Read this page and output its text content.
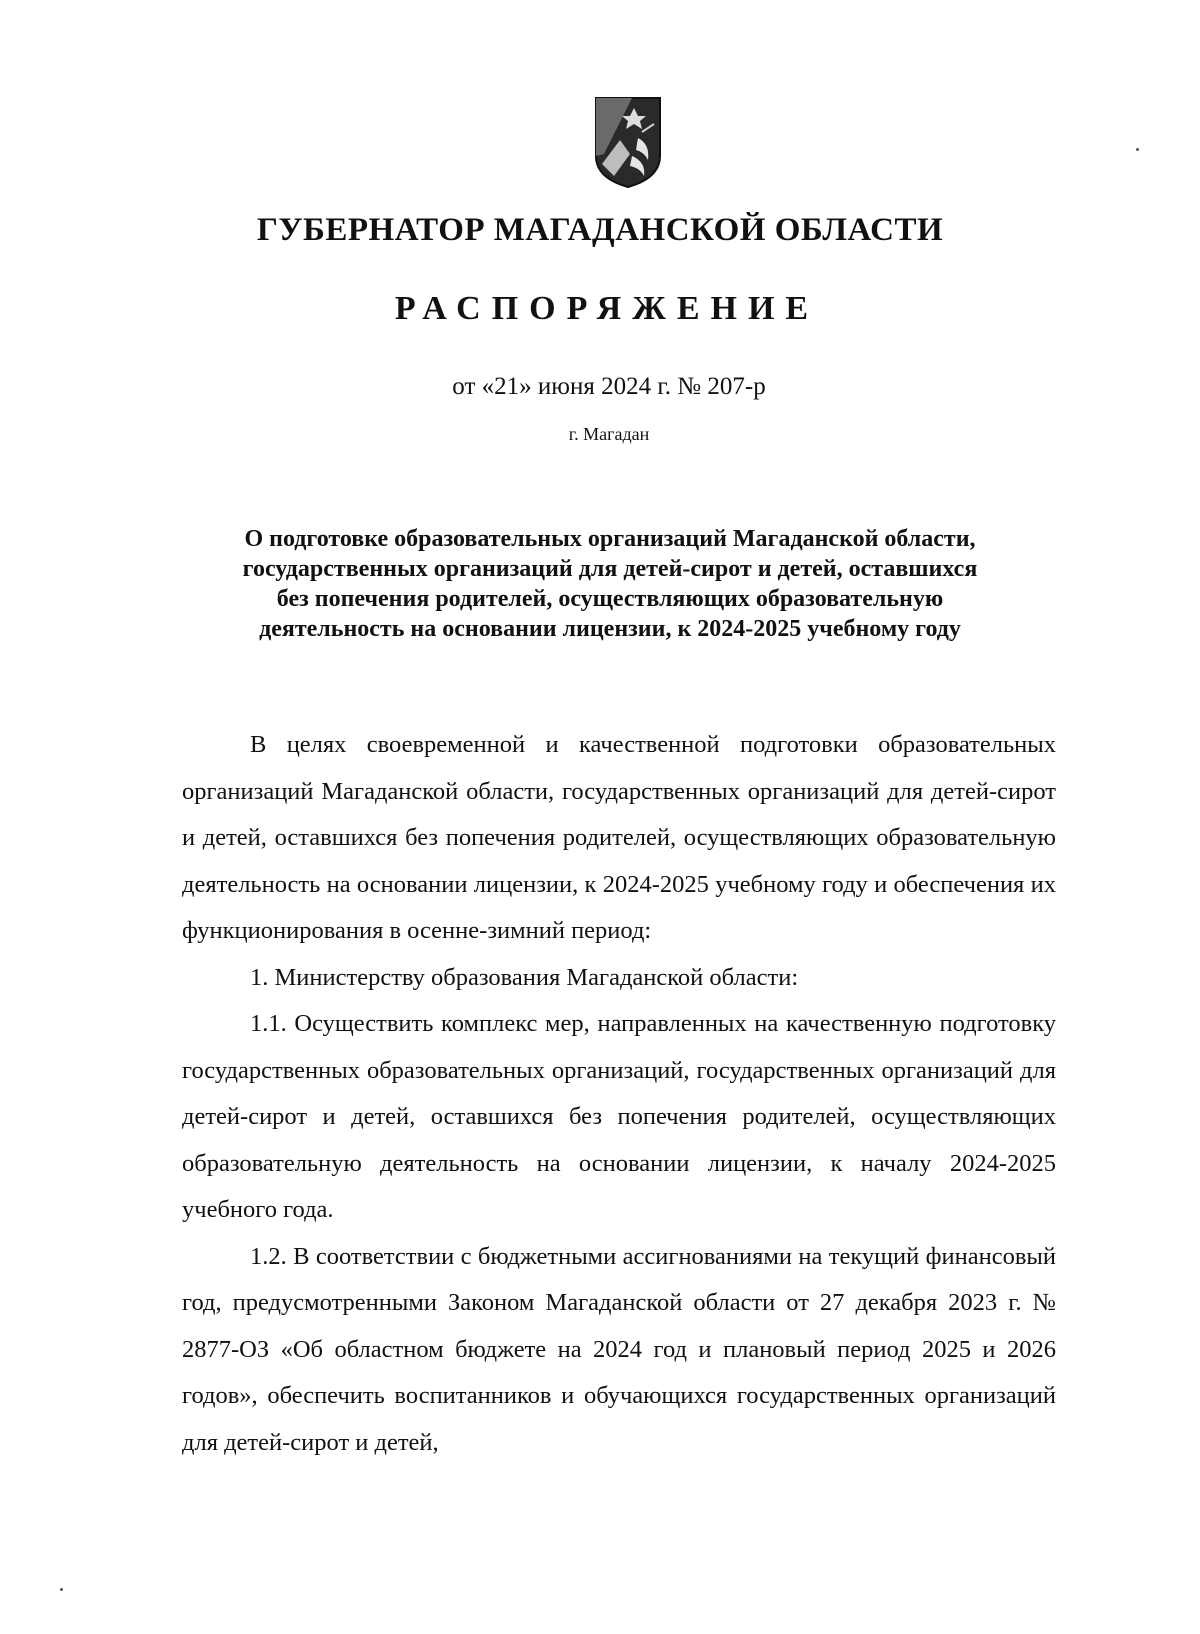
ГУБЕРНАТОР МАГАДАНСКОЙ ОБЛАСТИ
РАСПОРЯЖЕНИЕ
от «21» июня 2024 г. № 207-р
г. Магадан
О подготовке образовательных организаций Магаданской области,
государственных организаций для детей-сирот и детей, оставшихся
без попечения родителей, осуществляющих образовательную
деятельность на основании лицензии, к 2024-2025 учебному году

В целях своевременной и качественной подготовки образовательных организаций Магаданской области, государственных организаций для детей-сирот и детей, оставшихся без попечения родителей, осуществляющих образовательную деятельность на основании лицензии, к 2024-2025 учебному году и обеспечения их функционирования в осенне-зимний период:

1. Министерству образования Магаданской области:

1.1. Осуществить комплекс мер, направленных на качественную подготовку государственных образовательных организаций, государственных организаций для детей-сирот и детей, оставшихся без попечения родителей, осуществляющих образовательную деятельность на основании лицензии, к началу 2024-2025 учебного года.

1.2. В соответствии с бюджетными ассигнованиями на текущий финансовый год, предусмотренными Законом Магаданской области от 27 декабря 2023 г. № 2877-ОЗ «Об областном бюджете на 2024 год и плановый период 2025 и 2026 годов», обеспечить воспитанников и обучающихся государственных организаций для детей-сирот и детей,
